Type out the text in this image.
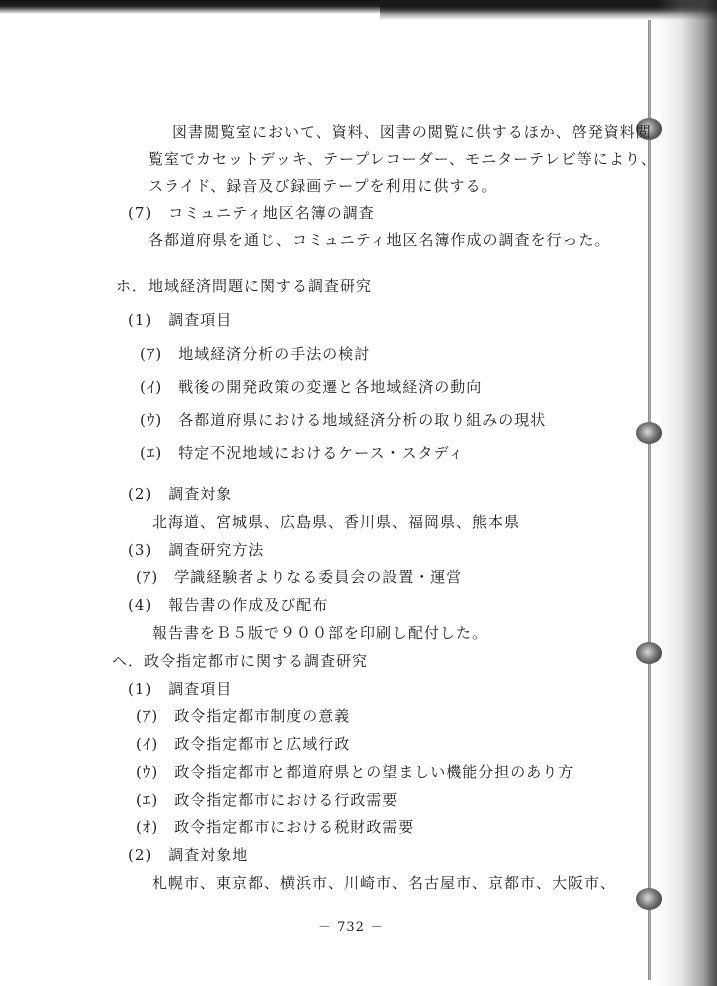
図書閲覧室において、資料、図書の閲覧に供するほか、啓発資料閲
覧室でカセットデッキ、テープレコーダー、モニターテレビ等により、
スライド、録音及び録画テープを利用に供する。
(7)　コミュニティ地区名簿の調査
各都道府県を通じ、コミュニティ地区名簿作成の調査を行った。
ホ．地域経済問題に関する調査研究
(1)　調査項目
(ｱ)　地域経済分析の手法の検討
(ｲ)　戦後の開発政策の変遷と各地域経済の動向
(ｳ)　各都道府県における地域経済分析の取り組みの現状
(ｴ)　特定不況地域におけるケース・スタディ
(2)　調査対象
北海道、宮城県、広島県、香川県、福岡県、熊本県
(3)　調査研究方法
(ｱ)　学識経験者よりなる委員会の設置・運営
(4)　報告書の作成及び配布
報告書をＢ５版で９００部を印刷し配付した。
ヘ．政令指定都市に関する調査研究
(1)　調査項目
(ｱ)　政令指定都市制度の意義
(ｲ)　政令指定都市と広域行政
(ｳ)　政令指定都市と都道府県との望ましい機能分担のあり方
(ｴ)　政令指定都市における行政需要
(ｵ)　政令指定都市における税財政需要
(2)　調査対象地
札幌市、東京都、横浜市、川崎市、名古屋市、京都市、大阪市、
－ 732 －
